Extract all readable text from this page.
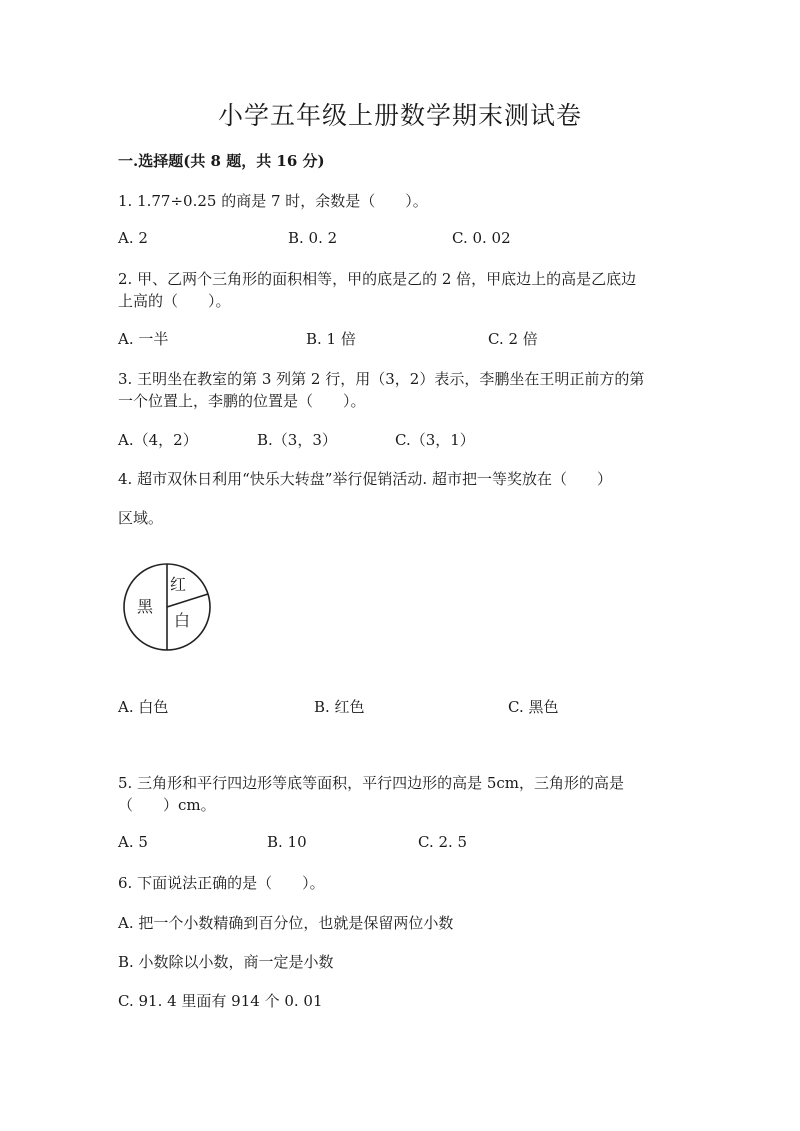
小学五年级上册数学期末测试卷
一.选择题(共 8 题，共 16 分)
1. 1.77÷0.25 的商是 7 时，余数是（　　）。
A. 2	B. 0. 2	C. 0. 02
2. 甲、乙两个三角形的面积相等，甲的底是乙的 2 倍，甲底边上的高是乙底边
上高的（　　）。
A. 一半	B. 1 倍	C. 2 倍
3. 王明坐在教室的第 3 列第 2 行，用（3，2）表示，李鹏坐在王明正前方的第
一个位置上，李鹏的位置是（　　）。
A.（4，2）	B.（3，3）	C.（3，1）
4. 超市双休日利用“快乐大转盘”举行促销活动. 超市把一等奖放在（　　）
区域。
黑
红
白
A. 白色	B. 红色	C. 黑色
5. 三角形和平行四边形等底等面积，平行四边形的高是 5cm，三角形的高是
（　　）cm。
A. 5	B. 10	C. 2. 5
6. 下面说法正确的是（　　）。
A. 把一个小数精确到百分位，也就是保留两位小数
B. 小数除以小数，商一定是小数
C. 91. 4 里面有 914 个 0. 01
